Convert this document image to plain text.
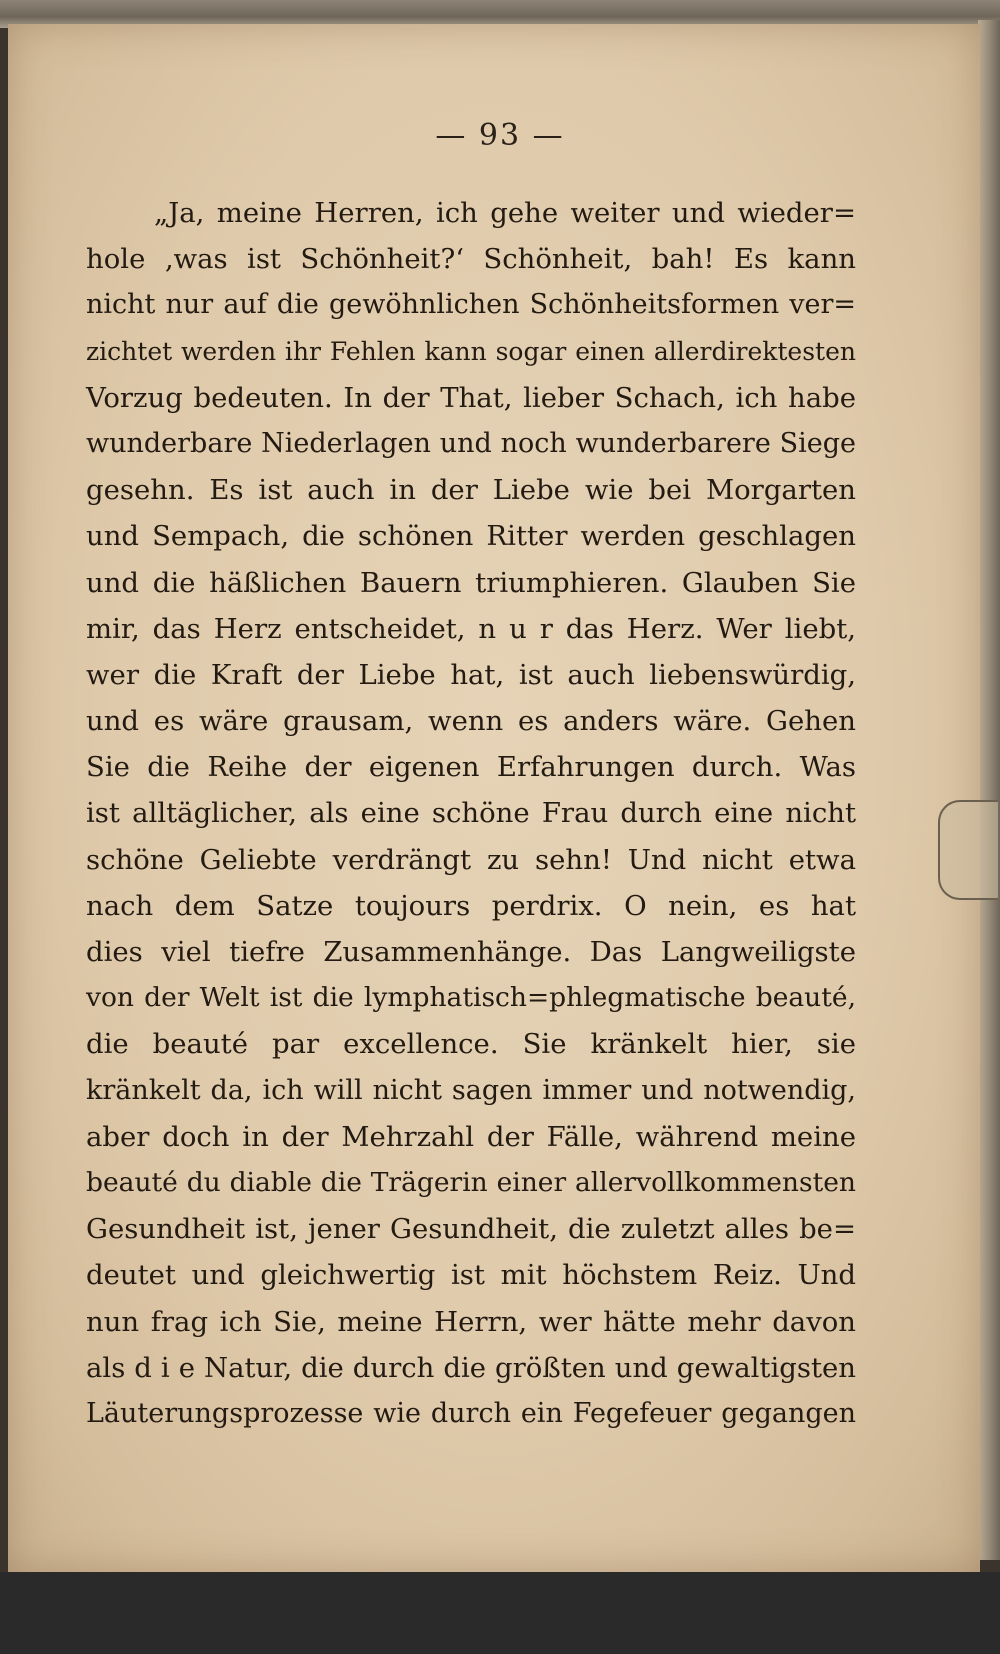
— 93 —
„Ja, meine Herren, ich gehe weiter und wieder=
hole ‚was ist Schönheit?‘ Schönheit, bah! Es kann
nicht nur auf die gewöhnlichen Schönheitsformen ver=
zichtet werden ihr Fehlen kann sogar einen allerdirektesten
Vorzug bedeuten. In der That, lieber Schach, ich habe
wunderbare Niederlagen und noch wunderbarere Siege
gesehn. Es ist auch in der Liebe wie bei Morgarten
und Sempach, die schönen Ritter werden geschlagen
und die häßlichen Bauern triumphieren. Glauben Sie
mir, das Herz entscheidet, n u r das Herz. Wer liebt,
wer die Kraft der Liebe hat, ist auch liebenswürdig,
und es wäre grausam, wenn es anders wäre. Gehen
Sie die Reihe der eigenen Erfahrungen durch. Was
ist alltäglicher, als eine schöne Frau durch eine nicht
schöne Geliebte verdrängt zu sehn! Und nicht etwa
nach dem Satze toujours perdrix. O nein, es hat
dies viel tiefre Zusammenhänge. Das Langweiligste
von der Welt ist die lymphatisch=phlegmatische beauté,
die beauté par excellence. Sie kränkelt hier, sie
kränkelt da, ich will nicht sagen immer und notwendig,
aber doch in der Mehrzahl der Fälle, während meine
beauté du diable die Trägerin einer allervollkommensten
Gesundheit ist, jener Gesundheit, die zuletzt alles be=
deutet und gleichwertig ist mit höchstem Reiz. Und
nun frag ich Sie, meine Herrn, wer hätte mehr davon
als d i e Natur, die durch die größten und gewaltigsten
Läuterungsprozesse wie durch ein Fegefeuer gegangen
